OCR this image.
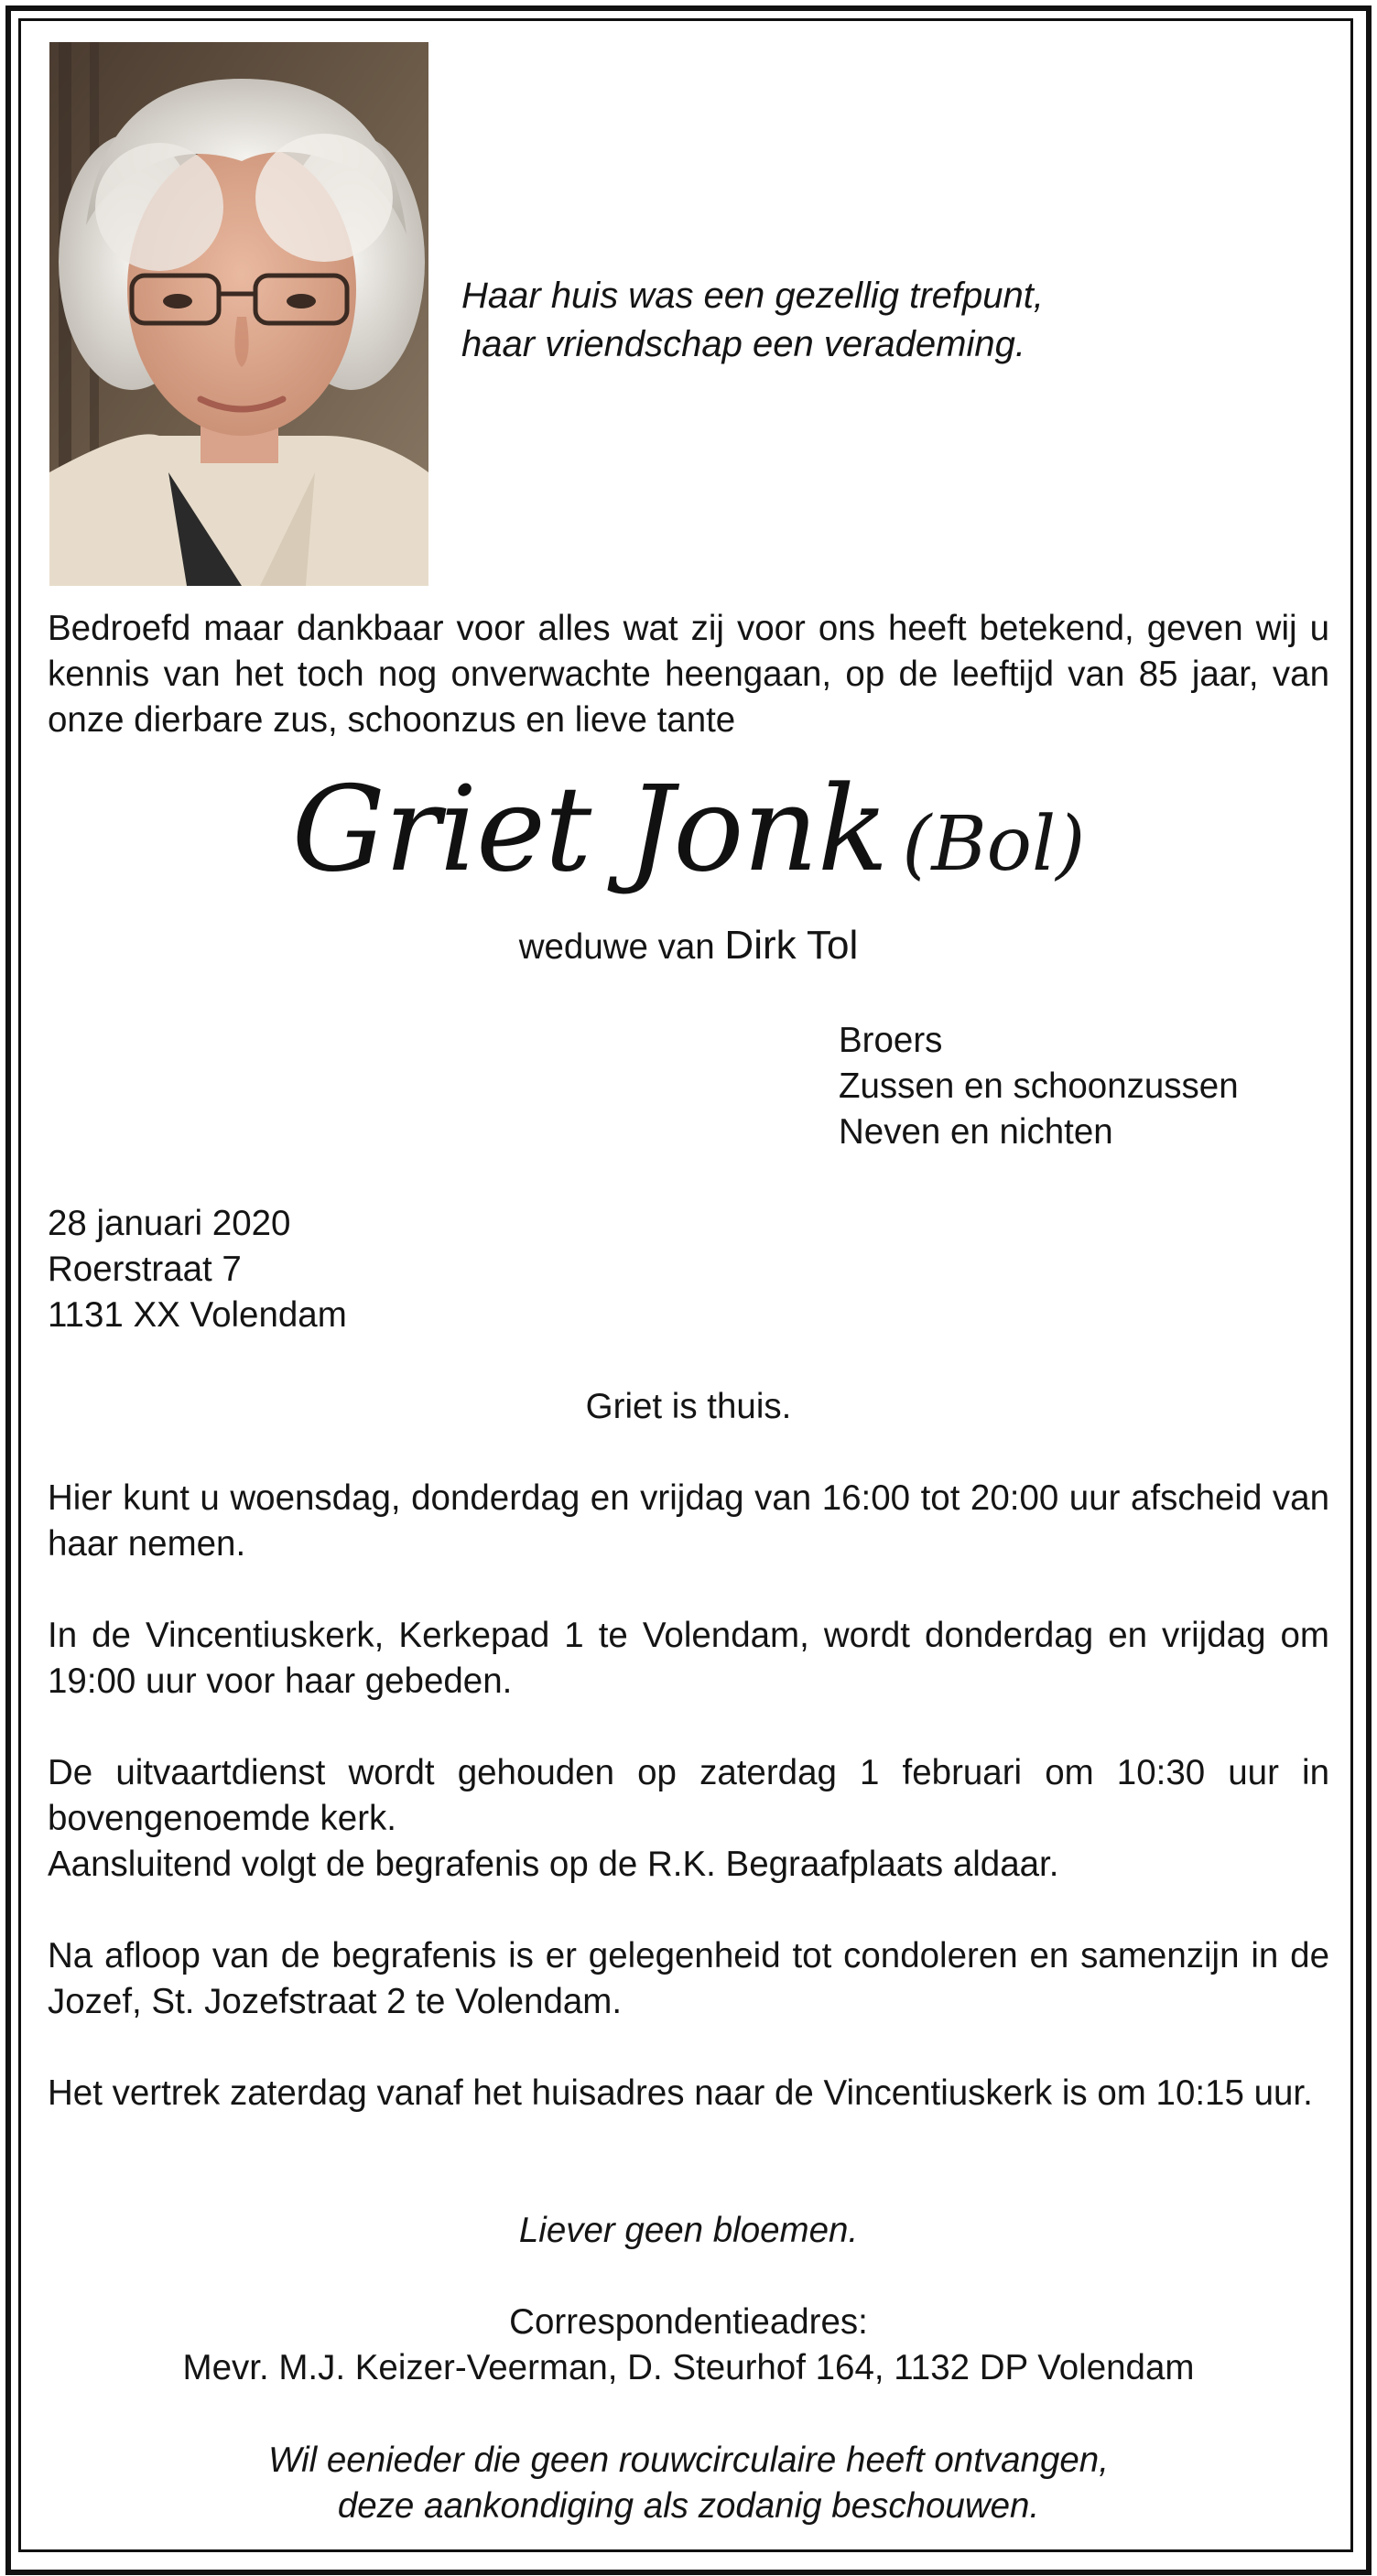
Haar huis was een gezellig trefpunt,
haar vriendschap een verademing.
Bedroefd maar dankbaar voor alles wat zij voor ons heeft betekend, geven wij u kennis van het toch nog onverwachte heengaan, op de leeftijd van 85 jaar, van onze dierbare zus, schoonzus en lieve tante
Griet Jonk (Bol)
weduwe van Dirk Tol
Broers
Zussen en schoonzussen
Neven en nichten
28 januari 2020
Roerstraat 7
1131 XX Volendam
Griet is thuis.
Hier kunt u woensdag, donderdag en vrijdag van 16:00 tot 20:00 uur afscheid van haar nemen.
In de Vincentiuskerk, Kerkepad 1 te Volendam, wordt donderdag en vrijdag om 19:00 uur voor haar gebeden.
De uitvaartdienst wordt gehouden op zaterdag 1 februari om 10:30 uur in bovengenoemde kerk.
Aansluitend volgt de begrafenis op de R.K. Begraafplaats aldaar.
Na afloop van de begrafenis is er gelegenheid tot condoleren en samenzijn in de Jozef, St. Jozefstraat 2 te Volendam.
Het vertrek zaterdag vanaf het huisadres naar de Vincentiuskerk is om 10:15 uur.
Liever geen bloemen.
Correspondentieadres:
Mevr. M.J. Keizer-Veerman, D. Steurhof 164, 1132 DP Volendam
Wil eenieder die geen rouwcirculaire heeft ontvangen,
deze aankondiging als zodanig beschouwen.
